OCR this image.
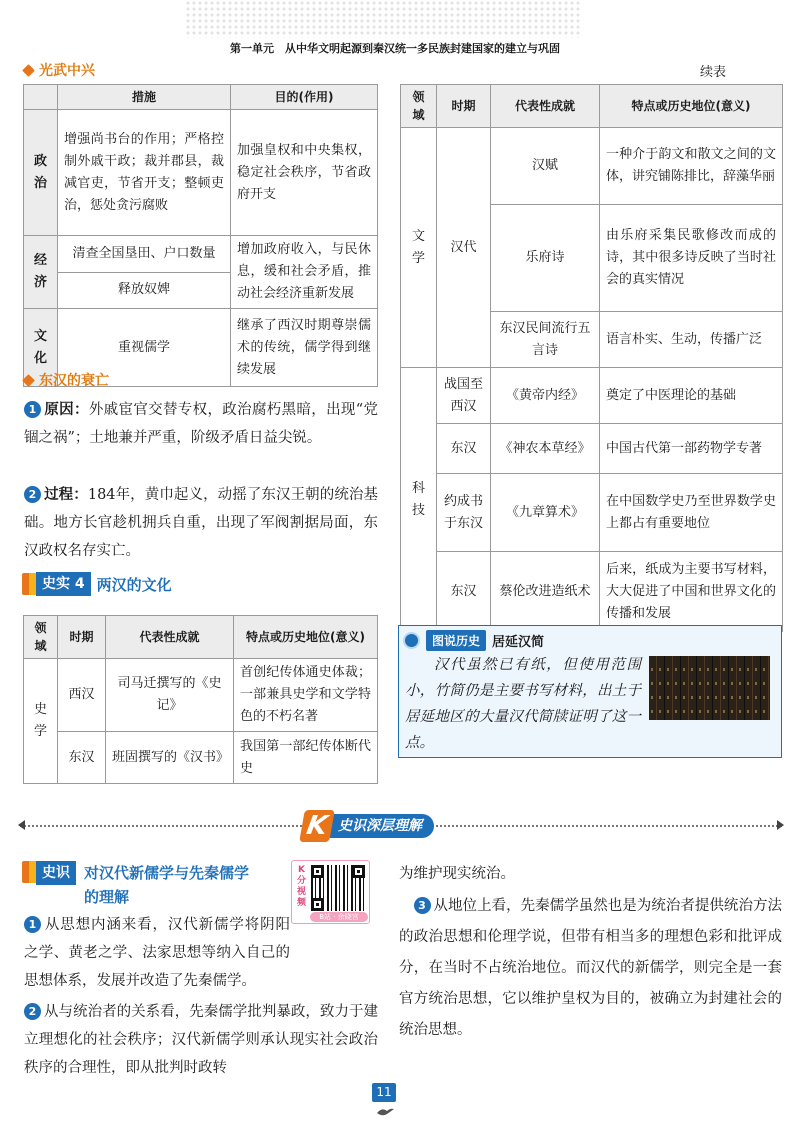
第一单元　从中华文明起源到秦汉统一多民族封建国家的建立与巩固
光武中兴
	措施	目的(作用)
政治	增强尚书台的作用；严格控制外戚干政；裁并郡县，裁减官吏，节省开支；整顿吏治，惩处贪污腐败	加强皇权和中央集权，稳定社会秩序，节省政府开支
经济	清查全国垦田、户口数量	增加政府收入，与民休息，缓和社会矛盾，推动社会经济重新发展
	释放奴婢	
文化	重视儒学	继承了西汉时期尊崇儒术的传统，儒学得到继续发展
东汉的衰亡
1 原因：外戚宦官交替专权，政治腐朽黑暗，出现“党锢之祸”；土地兼并严重，阶级矛盾日益尖锐。
2 过程：184年，黄巾起义，动摇了东汉王朝的统治基础。地方长官趁机拥兵自重，出现了军阀割据局面，东汉政权名存实亡。
史实 4 两汉的文化
领域	时期	代表性成就	特点或历史地位(意义)
史学	西汉	司马迁撰写的《史记》	首创纪传体通史体裁；一部兼具史学和文学特色的不朽名著
	东汉	班固撰写的《汉书》	我国第一部纪传体断代史
续表
领域	时期	代表性成就	特点或历史地位(意义)
文学	汉代	汉赋	一种介于韵文和散文之间的文体，讲究铺陈排比，辞藻华丽
		乐府诗	由乐府采集民歌修改而成的诗，其中很多诗反映了当时社会的真实情况
		东汉民间流行五言诗	语言朴实、生动，传播广泛
科技	战国至西汉	《黄帝内经》	奠定了中医理论的基础
	东汉	《神农本草经》	中国古代第一部药物学专著
	约成书于东汉	《九章算术》	在中国数学史乃至世界数学史上都占有重要地位
	东汉	蔡伦改进造纸术	后来，纸成为主要书写材料，大大促进了中国和世界文化的传播和发展
图说历史 居延汉简
汉代虽然已有纸，但使用范围小，竹简仍是主要书写材料，出土于居延地区的大量汉代简牍证明了这一点。
K 史识深层理解
史识 对汉代新儒学与先秦儒学的理解
K分视频
B站 · 余晓宫
1 从思想内涵来看，汉代新儒学将阴阳之学、黄老之学、法家思想等纳入自己的思想体系，发展并改造了先秦儒学。
2 从与统治者的关系看，先秦儒学批判暴政，致力于建立理想化的社会秩序；汉代新儒学则承认现实社会政治秩序的合理性，即从批判时政转
为维护现实统治。
3 从地位上看，先秦儒学虽然也是为统治者提供统治方法的政治思想和伦理学说，但带有相当多的理想色彩和批评成分，在当时不占统治地位。而汉代的新儒学，则完全是一套官方统治思想，它以维护皇权为目的，被确立为封建社会的统治思想。
11
